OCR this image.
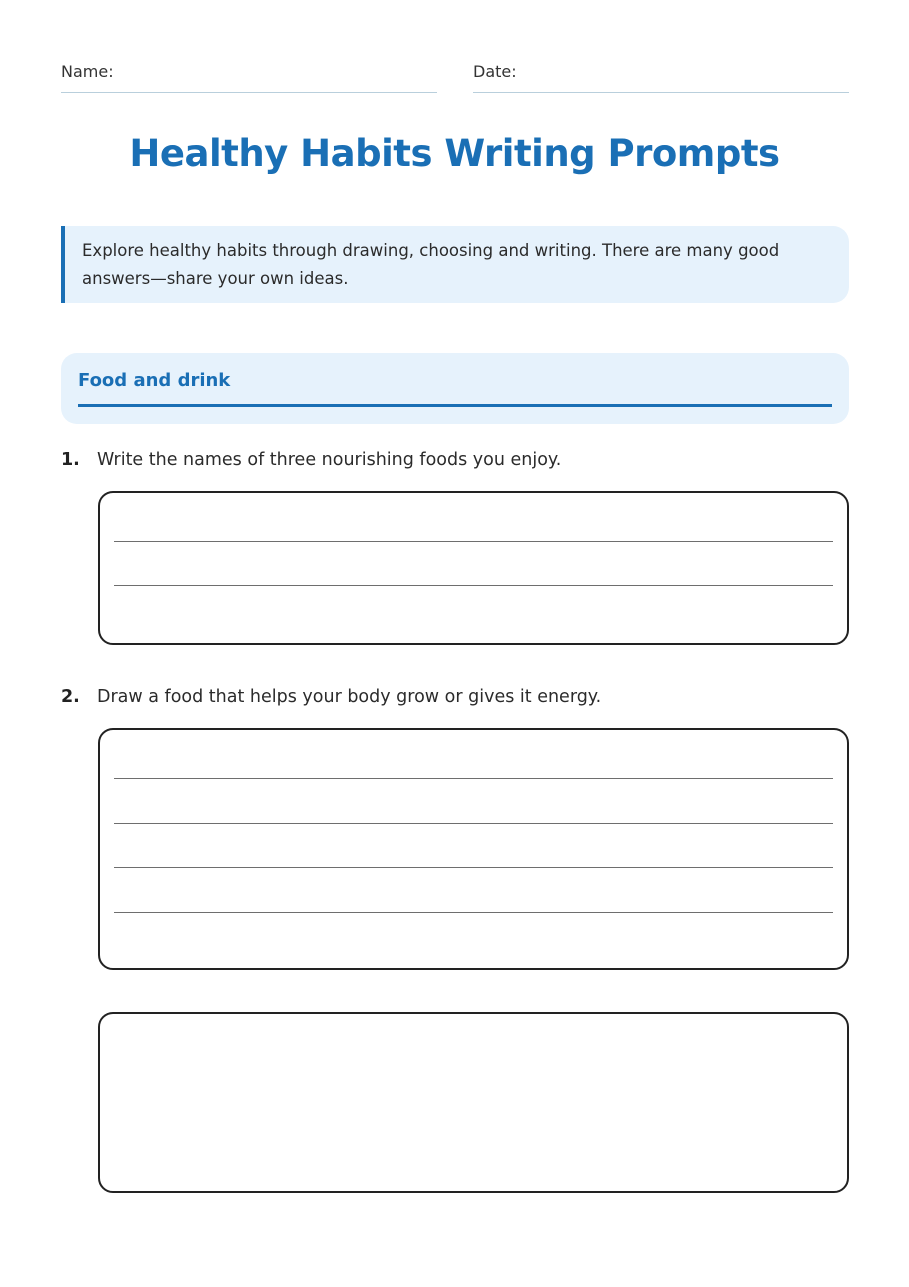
Name:	Date:
Healthy Habits Writing Prompts
Explore healthy habits through drawing, choosing and writing. There are many good answers—share your own ideas.
Food and drink
1. Write the names of three nourishing foods you enjoy.
2. Draw a food that helps your body grow or gives it energy.
